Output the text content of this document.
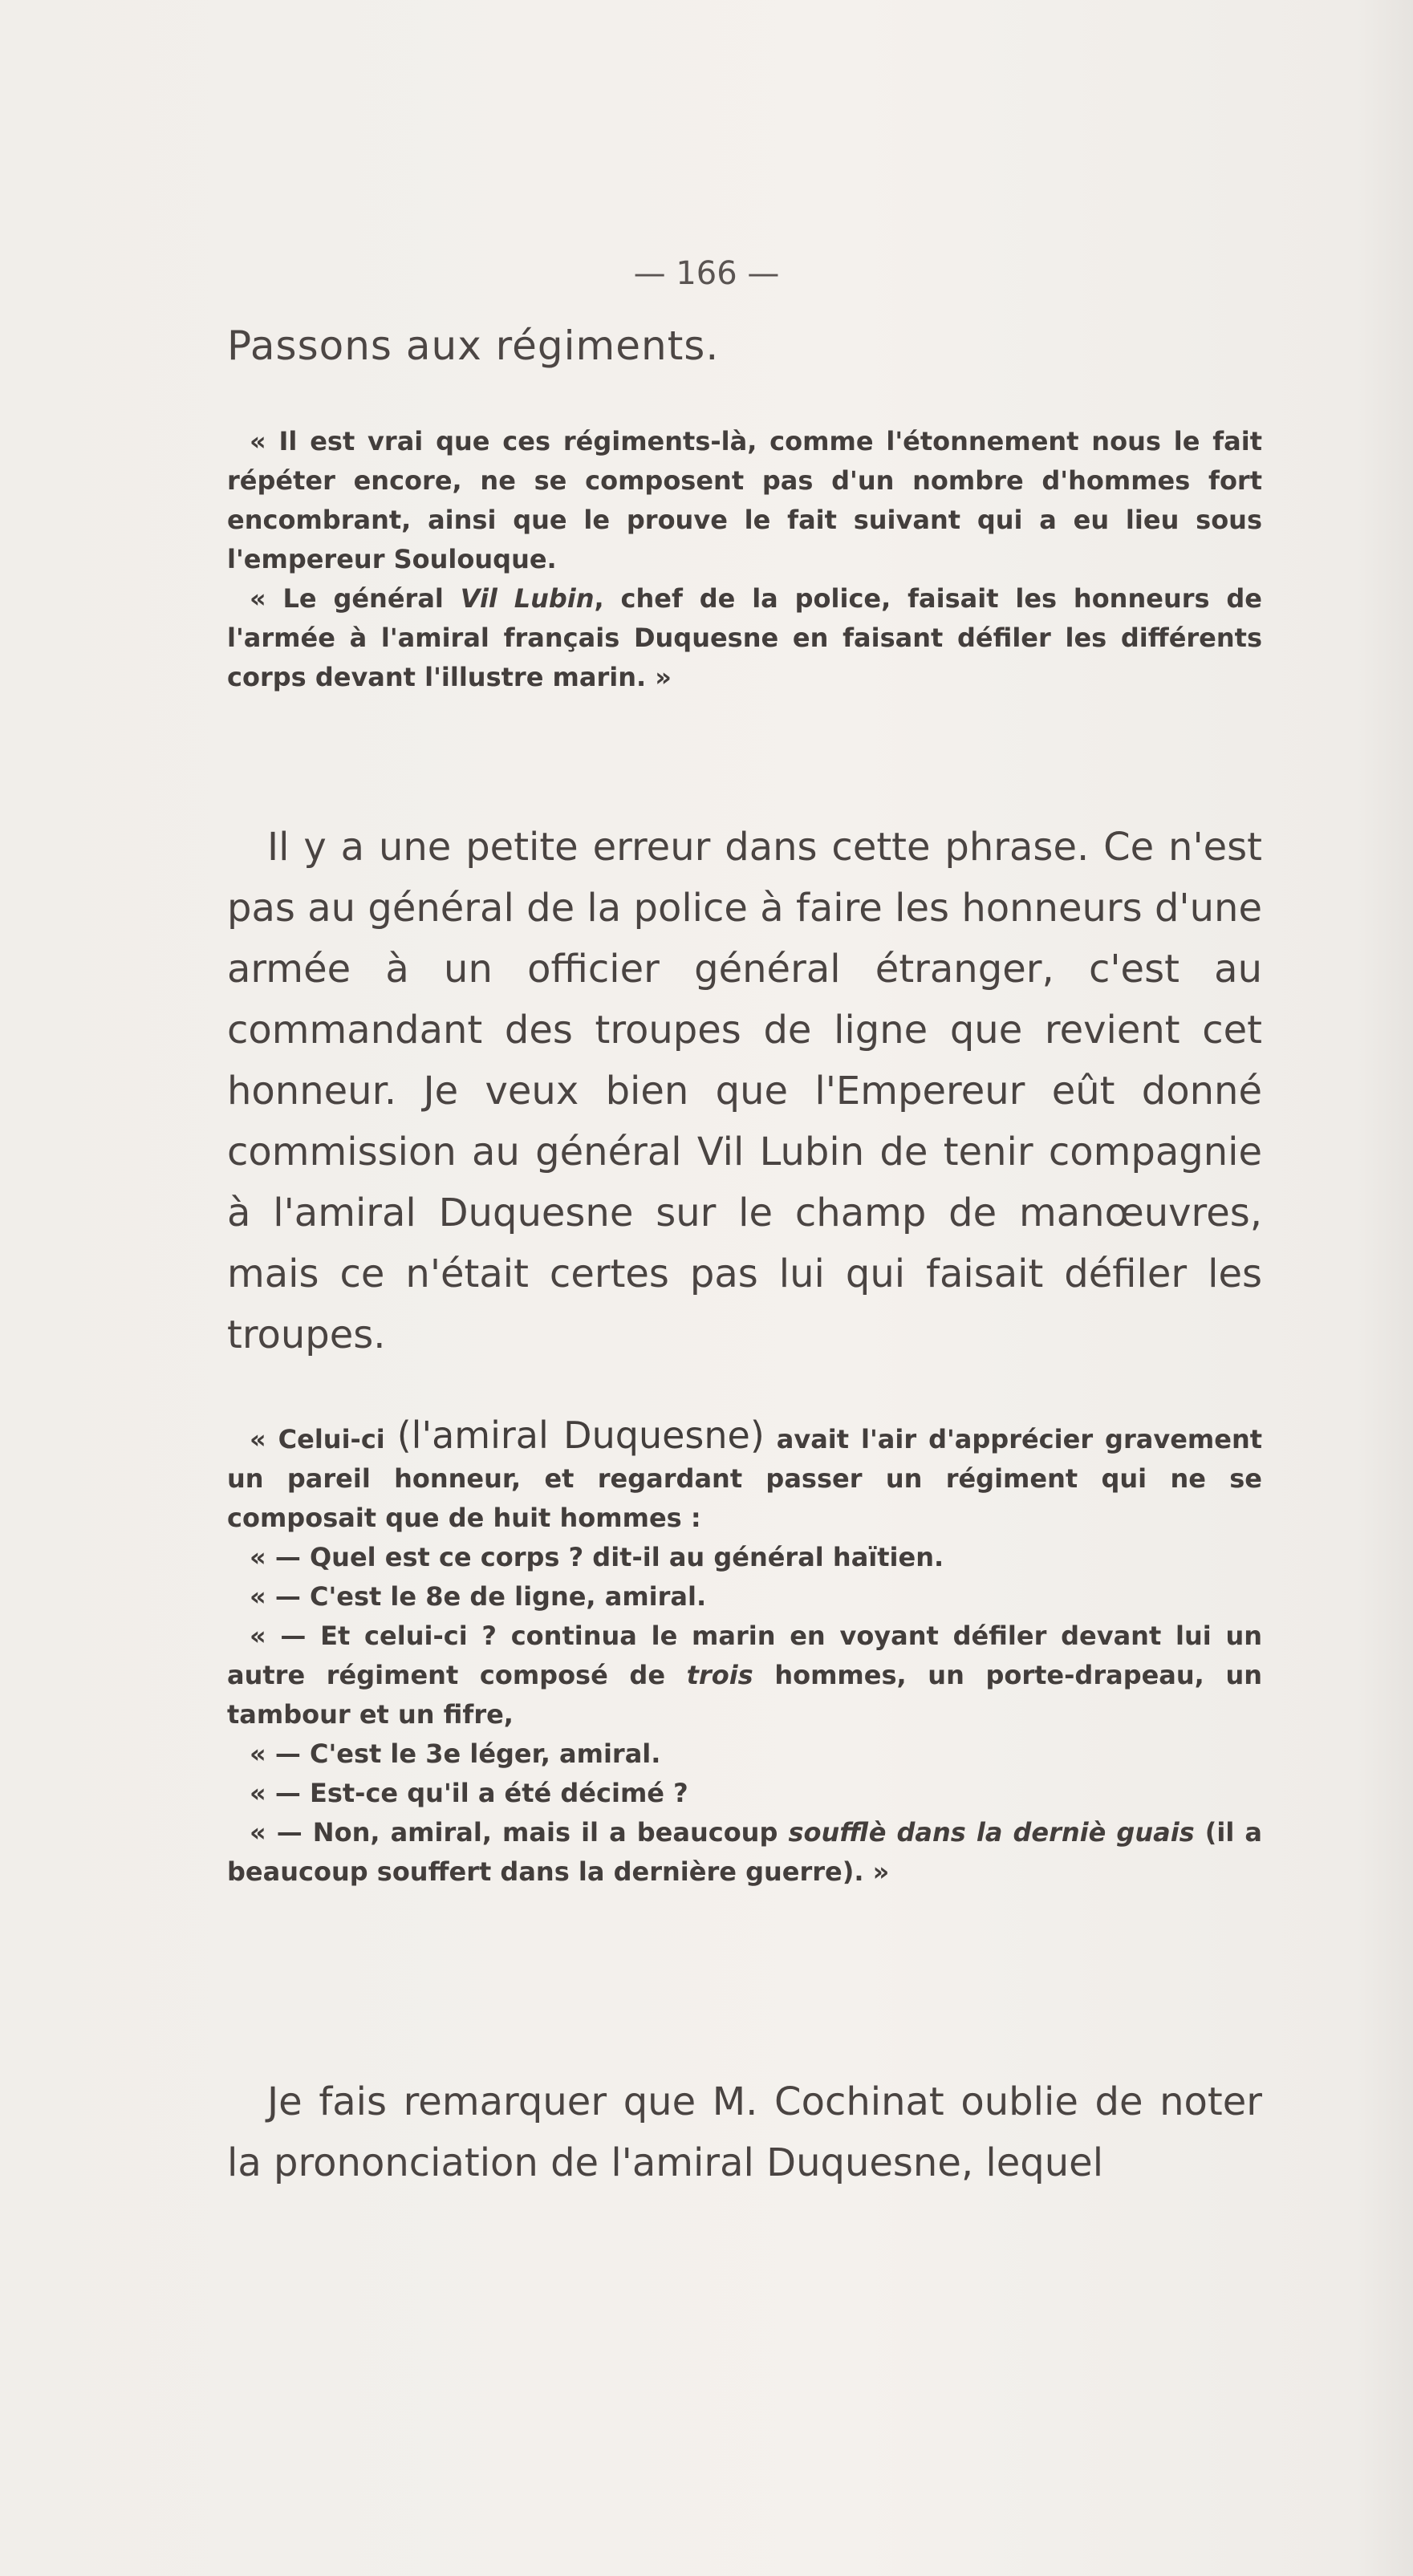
— 166 —
Passons aux régiments.

« Il est vrai que ces régiments-là, comme l'étonnement nous le fait répéter encore, ne se composent pas d'un nombre d'hommes fort encombrant, ainsi que le prouve le fait suivant qui a eu lieu sous l'empereur Soulouque.

« Le général Vil Lubin, chef de la police, faisait les honneurs de l'armée à l'amiral français Duquesne en faisant défiler les différents corps devant l'illustre marin. »

Il y a une petite erreur dans cette phrase. Ce n'est pas au général de la police à faire les honneurs d'une armée à un officier général étranger, c'est au commandant des troupes de ligne que revient cet honneur. Je veux bien que l'Empereur eût donné commission au général Vil Lubin de tenir compagnie à l'amiral Duquesne sur le champ de manœuvres, mais ce n'était certes pas lui qui faisait défiler les troupes.

« Celui-ci (l'amiral Duquesne) avait l'air d'apprécier gravement un pareil honneur, et regardant passer un régiment qui ne se composait que de huit hommes :

« — Quel est ce corps ? dit-il au général haïtien.

« — C'est le 8e de ligne, amiral.

« — Et celui-ci ? continua le marin en voyant défiler devant lui un autre régiment composé de trois hommes, un porte-drapeau, un tambour et un fifre,

« — C'est le 3e léger, amiral.

« — Est-ce qu'il a été décimé ?

« — Non, amiral, mais il a beaucoup soufflè dans la derniè guais (il a beaucoup souffert dans la dernière guerre). »

Je fais remarquer que M. Cochinat oublie de noter la prononciation de l'amiral Duquesne, lequel
